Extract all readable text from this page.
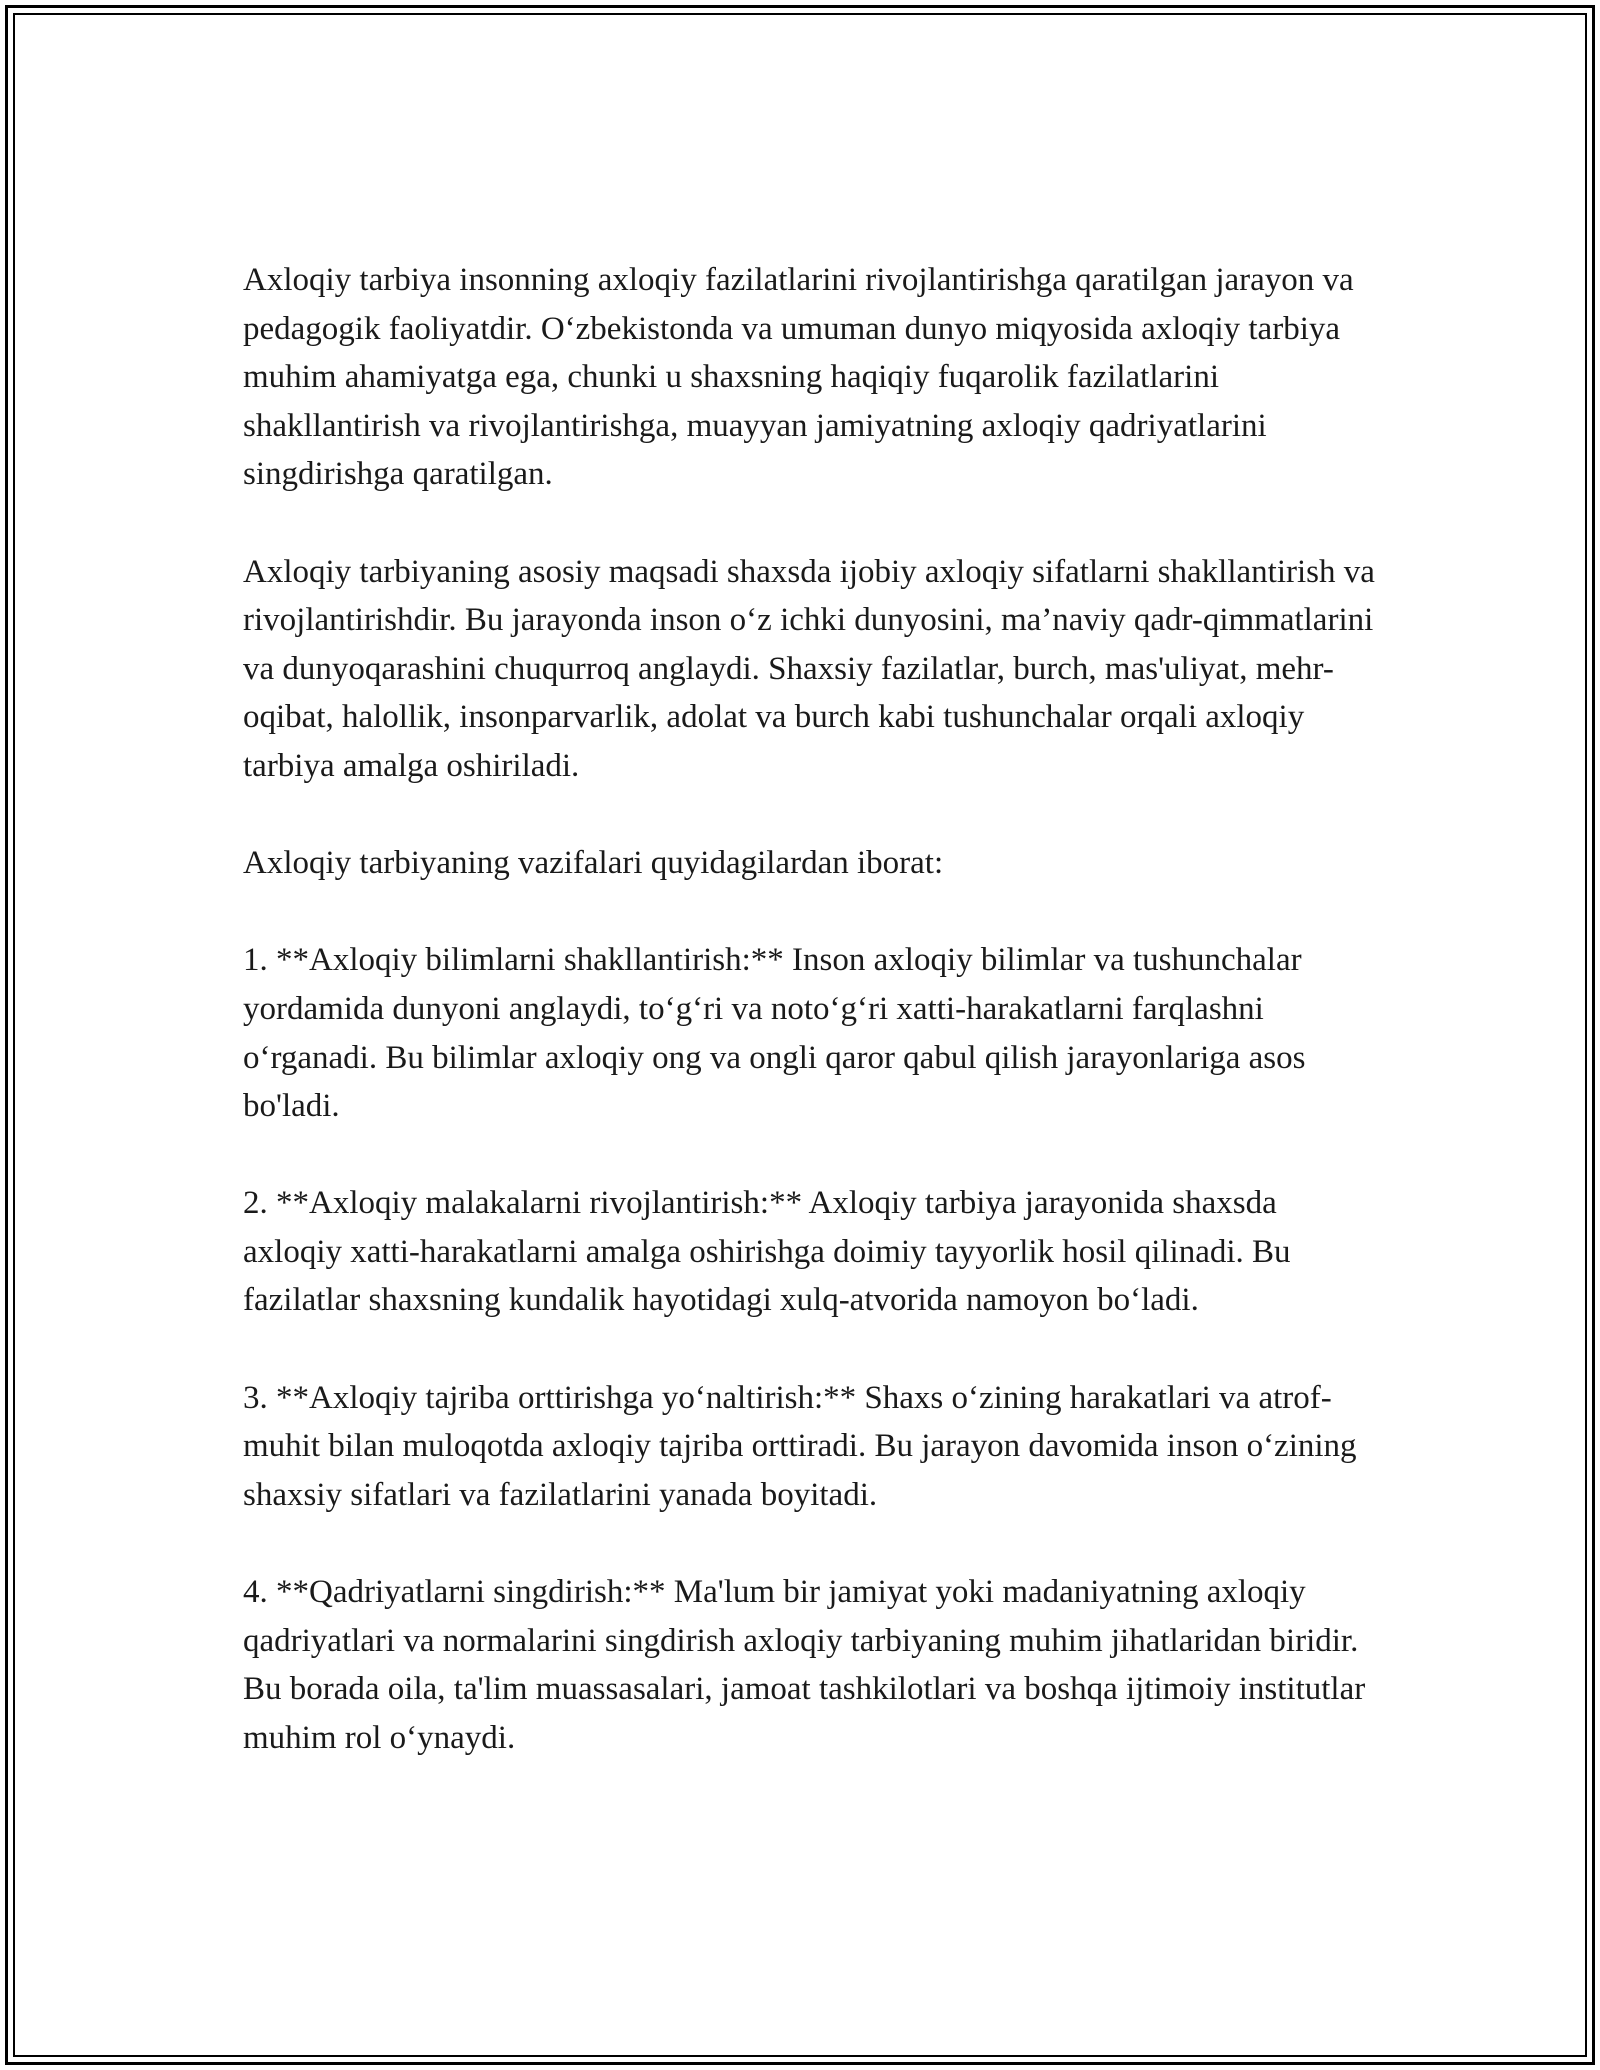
Axloqiy tarbiya insonning axloqiy fazilatlarini rivojlantirishga qaratilgan jarayon va pedagogik faoliyatdir. O‘zbekistonda va umuman dunyo miqyosida axloqiy tarbiya muhim ahamiyatga ega, chunki u shaxsning haqiqiy fuqarolik fazilatlarini shakllantirish va rivojlantirishga, muayyan jamiyatning axloqiy qadriyatlarini singdirishga qaratilgan.

Axloqiy tarbiyaning asosiy maqsadi shaxsda ijobiy axloqiy sifatlarni shakllantirish va rivojlantirishdir. Bu jarayonda inson o‘z ichki dunyosini, ma’naviy qadr-qimmatlarini va dunyoqarashini chuqurroq anglaydi. Shaxsiy fazilatlar, burch, mas'uliyat, mehr-oqibat, halollik, insonparvarlik, adolat va burch kabi tushunchalar orqali axloqiy tarbiya amalga oshiriladi.

Axloqiy tarbiyaning vazifalari quyidagilardan iborat:

1. **Axloqiy bilimlarni shakllantirish:** Inson axloqiy bilimlar va tushunchalar yordamida dunyoni anglaydi, to‘g‘ri va noto‘g‘ri xatti-harakatlarni farqlashni o‘rganadi. Bu bilimlar axloqiy ong va ongli qaror qabul qilish jarayonlariga asos bo'ladi.

2. **Axloqiy malakalarni rivojlantirish:** Axloqiy tarbiya jarayonida shaxsda axloqiy xatti-harakatlarni amalga oshirishga doimiy tayyorlik hosil qilinadi. Bu fazilatlar shaxsning kundalik hayotidagi xulq-atvorida namoyon bo‘ladi.

3. **Axloqiy tajriba orttirishga yo‘naltirish:** Shaxs o‘zining harakatlari va atrof-muhit bilan muloqotda axloqiy tajriba orttiradi. Bu jarayon davomida inson o‘zining shaxsiy sifatlari va fazilatlarini yanada boyitadi.

4. **Qadriyatlarni singdirish:** Ma'lum bir jamiyat yoki madaniyatning axloqiy qadriyatlari va normalarini singdirish axloqiy tarbiyaning muhim jihatlaridan biridir. Bu borada oila, ta'lim muassasalari, jamoat tashkilotlari va boshqa ijtimoiy institutlar muhim rol o‘ynaydi.
